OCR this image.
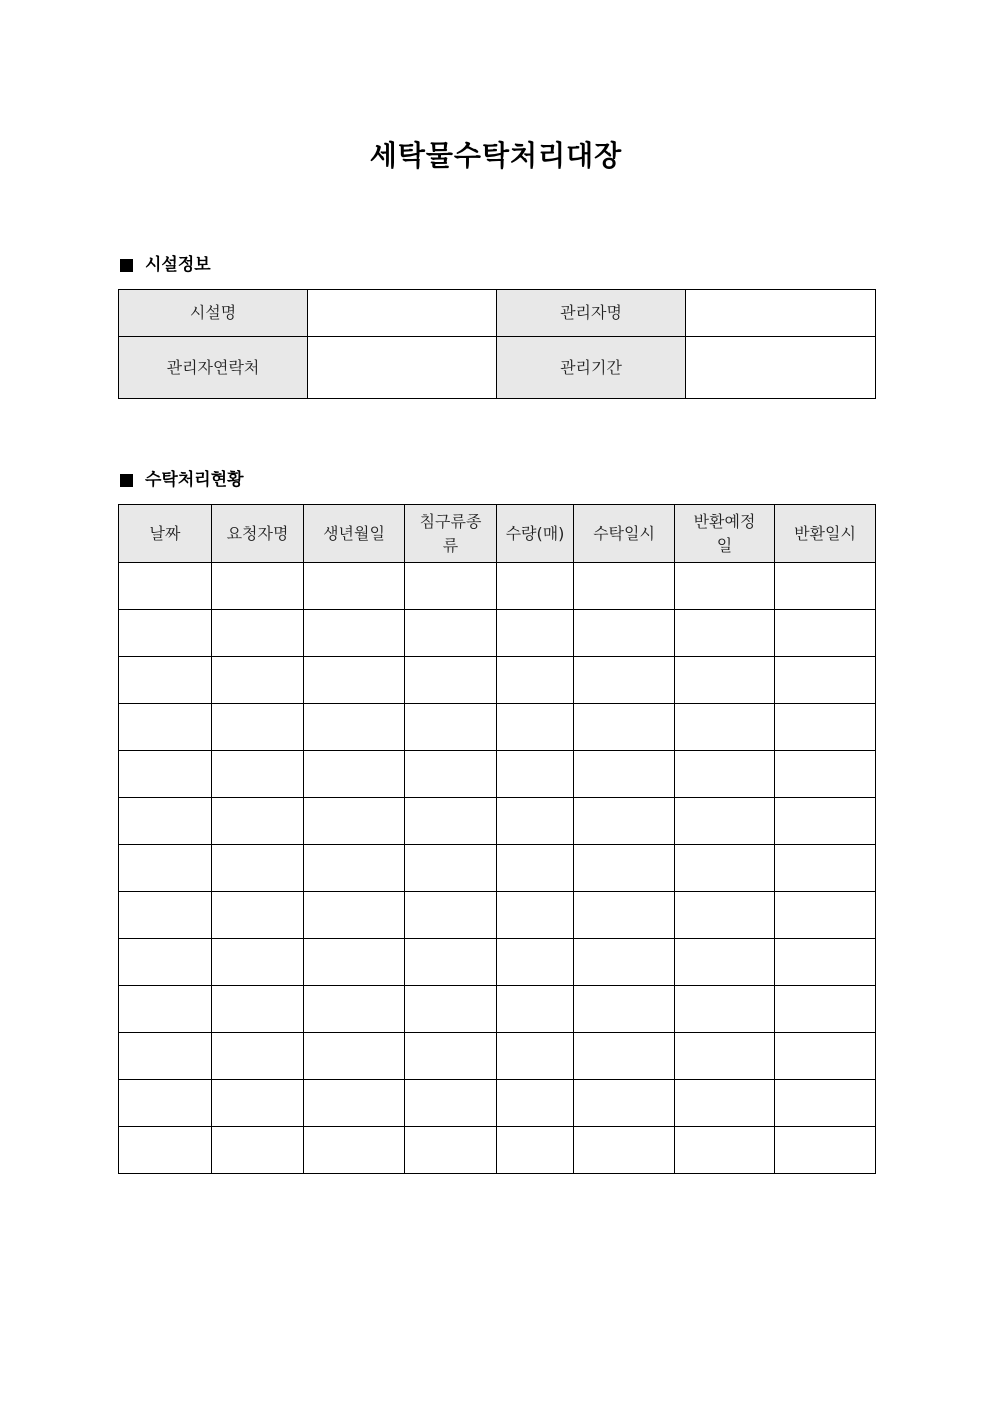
세탁물수탁처리대장
시설정보
시설명		관리자명	
관리자연락처		관리기간	
수탁처리현황
날짜	요청자명	생년월일	침구류종류	수량(매)	수탁일시	반환예정일	반환일시
